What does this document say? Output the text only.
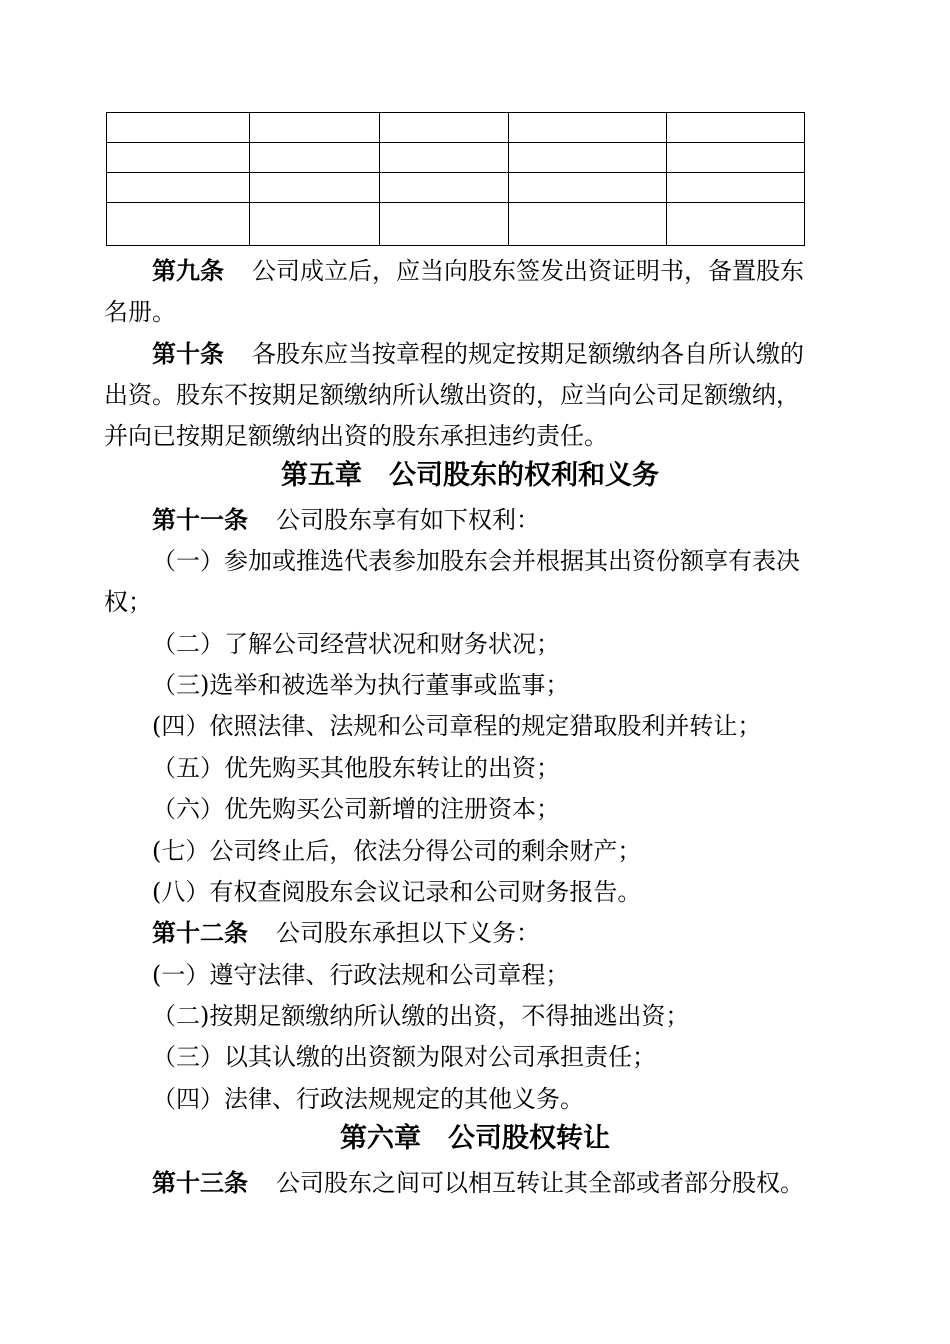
第九条 公司成立后，应当向股东签发出资证明书，备置股东
名册。
第十条 各股东应当按章程的规定按期足额缴纳各自所认缴的
出资。股东不按期足额缴纳所认缴出资的，应当向公司足额缴纳，
并向已按期足额缴纳出资的股东承担违约责任。
第五章　公司股东的权利和义务
第十一条 公司股东享有如下权利：
（一）参加或推选代表参加股东会并根据其出资份额享有表决
权；
（二）了解公司经营状况和财务状况；
（三)选举和被选举为执行董事或监事；
(四）依照法律、法规和公司章程的规定猎取股利并转让；
（五）优先购买其他股东转让的出资；
（六）优先购买公司新增的注册资本；
(七）公司终止后，依法分得公司的剩余财产；
(八）有权查阅股东会议记录和公司财务报告。
第十二条 公司股东承担以下义务：
(一）遵守法律、行政法规和公司章程；
（二)按期足额缴纳所认缴的出资，不得抽逃出资；
（三）以其认缴的出资额为限对公司承担责任；
（四）法律、行政法规规定的其他义务。
第六章　公司股权转让
第十三条 公司股东之间可以相互转让其全部或者部分股权。
